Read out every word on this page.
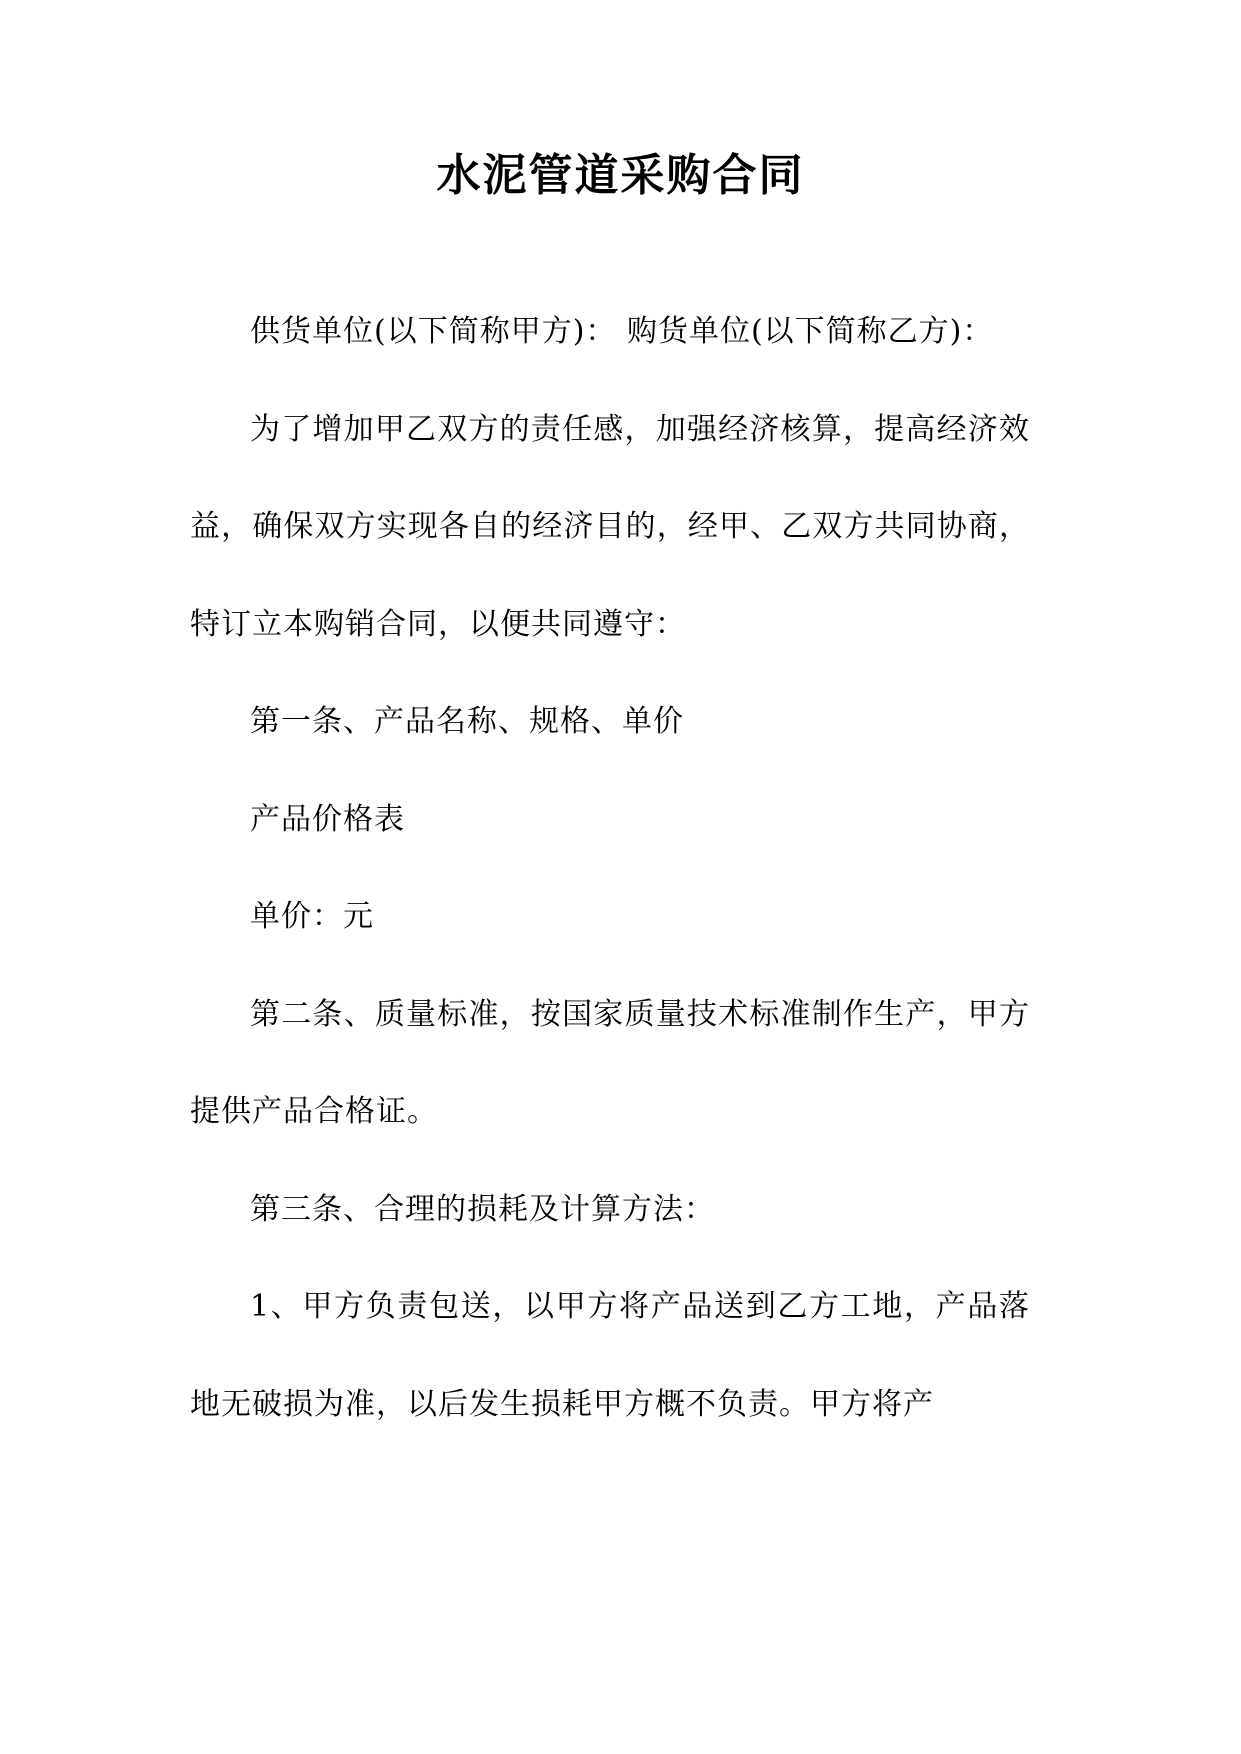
水泥管道采购合同

供货单位(以下简称甲方)： 购货单位(以下简称乙方)：

为了增加甲乙双方的责任感，加强经济核算，提高经济效益，确保双方实现各自的经济目的，经甲、乙双方共同协商，特订立本购销合同，以便共同遵守：

第一条、产品名称、规格、单价

产品价格表

单价：元

第二条、质量标准，按国家质量技术标准制作生产，甲方提供产品合格证。

第三条、合理的损耗及计算方法：

1、甲方负责包送，以甲方将产品送到乙方工地，产品落地无破损为准，以后发生损耗甲方概不负责。甲方将产
